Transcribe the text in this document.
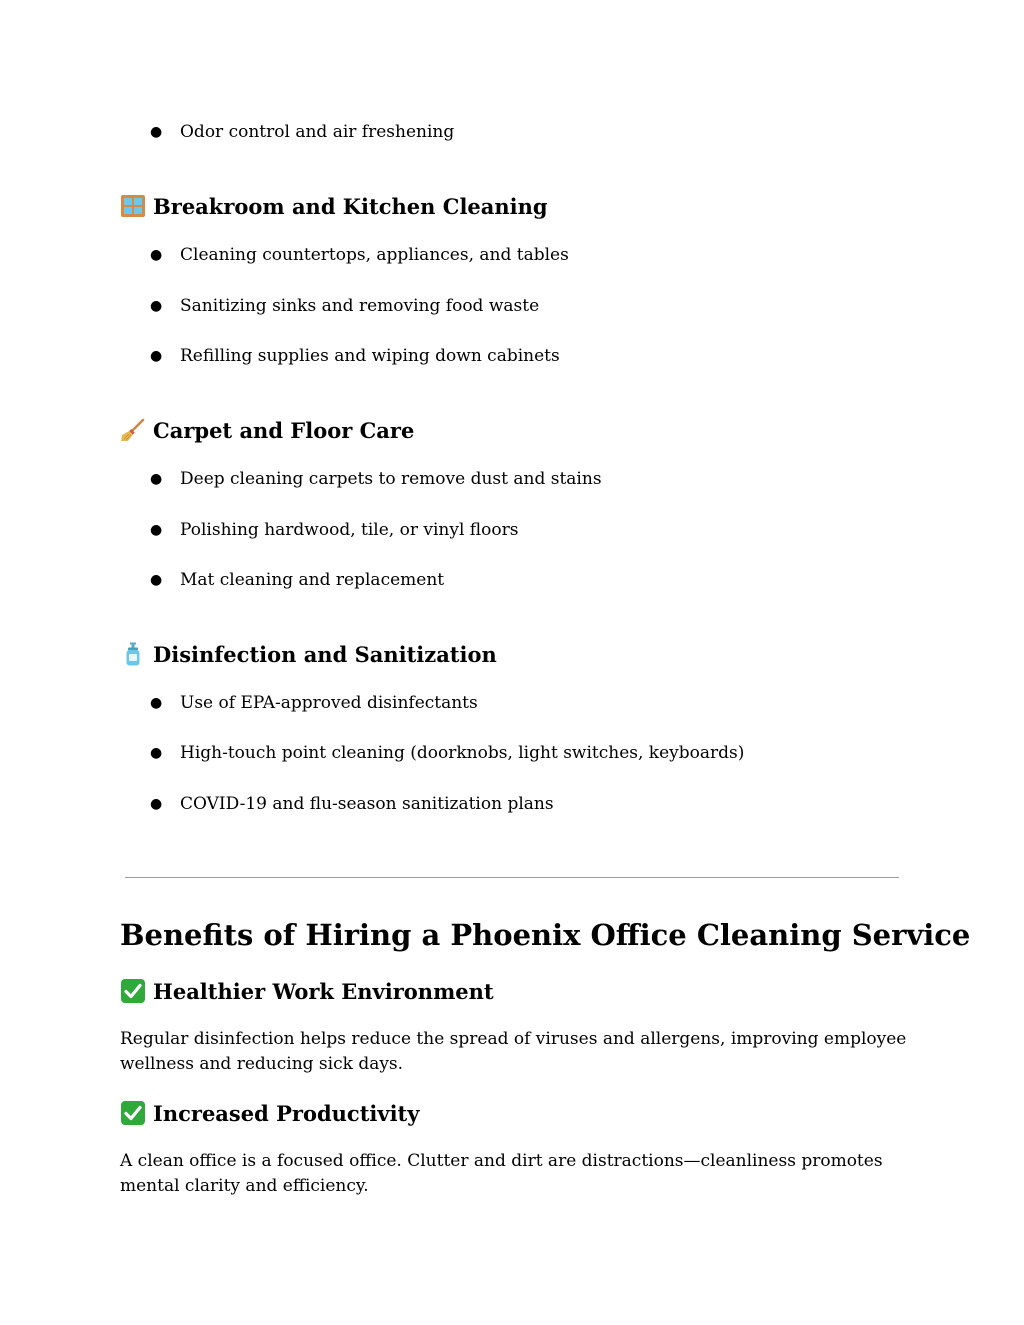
● Odor control and air freshening
Breakroom and Kitchen Cleaning
● Cleaning countertops, appliances, and tables
● Sanitizing sinks and removing food waste
● Refilling supplies and wiping down cabinets
Carpet and Floor Care
● Deep cleaning carpets to remove dust and stains
● Polishing hardwood, tile, or vinyl floors
● Mat cleaning and replacement
Disinfection and Sanitization
● Use of EPA-approved disinfectants
● High-touch point cleaning (doorknobs, light switches, keyboards)
● COVID-19 and flu-season sanitization plans
Benefits of Hiring a Phoenix Office Cleaning Service
Healthier Work Environment

Regular disinfection helps reduce the spread of viruses and allergens, improving employee wellness and reducing sick days.

Increased Productivity

A clean office is a focused office. Clutter and dirt are distractions—cleanliness promotes mental clarity and efficiency.
